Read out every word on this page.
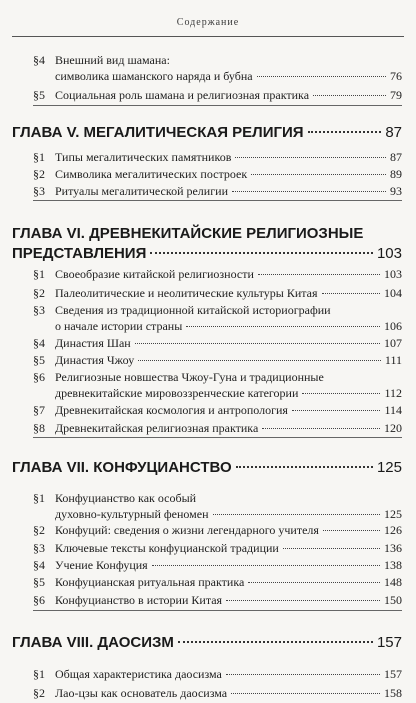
Содержание
§4 Внешний вид шамана:
символика шаманского наряда и бубна	76
§5 Социальная роль шамана и религиозная практика	79
ГЛАВА V. МЕГАЛИТИЧЕСКАЯ РЕЛИГИЯ	87
§1 Типы мегалитических памятников	87
§2 Символика мегалитических построек	89
§3 Ритуалы мегалитической религии	93
ГЛАВА VI. ДРЕВНЕКИТАЙСКИЕ РЕЛИГИОЗНЫЕ
ПРЕДСТАВЛЕНИЯ	103
§1 Своеобразие китайской религиозности	103
§2 Палеолитические и неолитические культуры Китая	104
§3 Сведения из традиционной китайской историографии
о начале истории страны	106
§4 Династия Шан	107
§5 Династия Чжоу	111
§6 Религиозные новшества Чжоу-Гуна и традиционные
древнекитайские мировоззренческие категории	112
§7 Древнекитайская космология и антропология	114
§8 Древнекитайская религиозная практика	120
ГЛАВА VII. КОНФУЦИАНСТВО	125
§1 Конфуцианство как особый
духовно-культурный феномен	125
§2 Конфуций: сведения о жизни легендарного учителя	126
§3 Ключевые тексты конфуцианской традиции	136
§4 Учение Конфуция	138
§5 Конфуцианская ритуальная практика	148
§6 Конфуцианство в истории Китая	150
ГЛАВА VIII. ДАОСИЗМ	157
§1 Общая характеристика даосизма	157
§2 Лао-цзы как основатель даосизма	158
